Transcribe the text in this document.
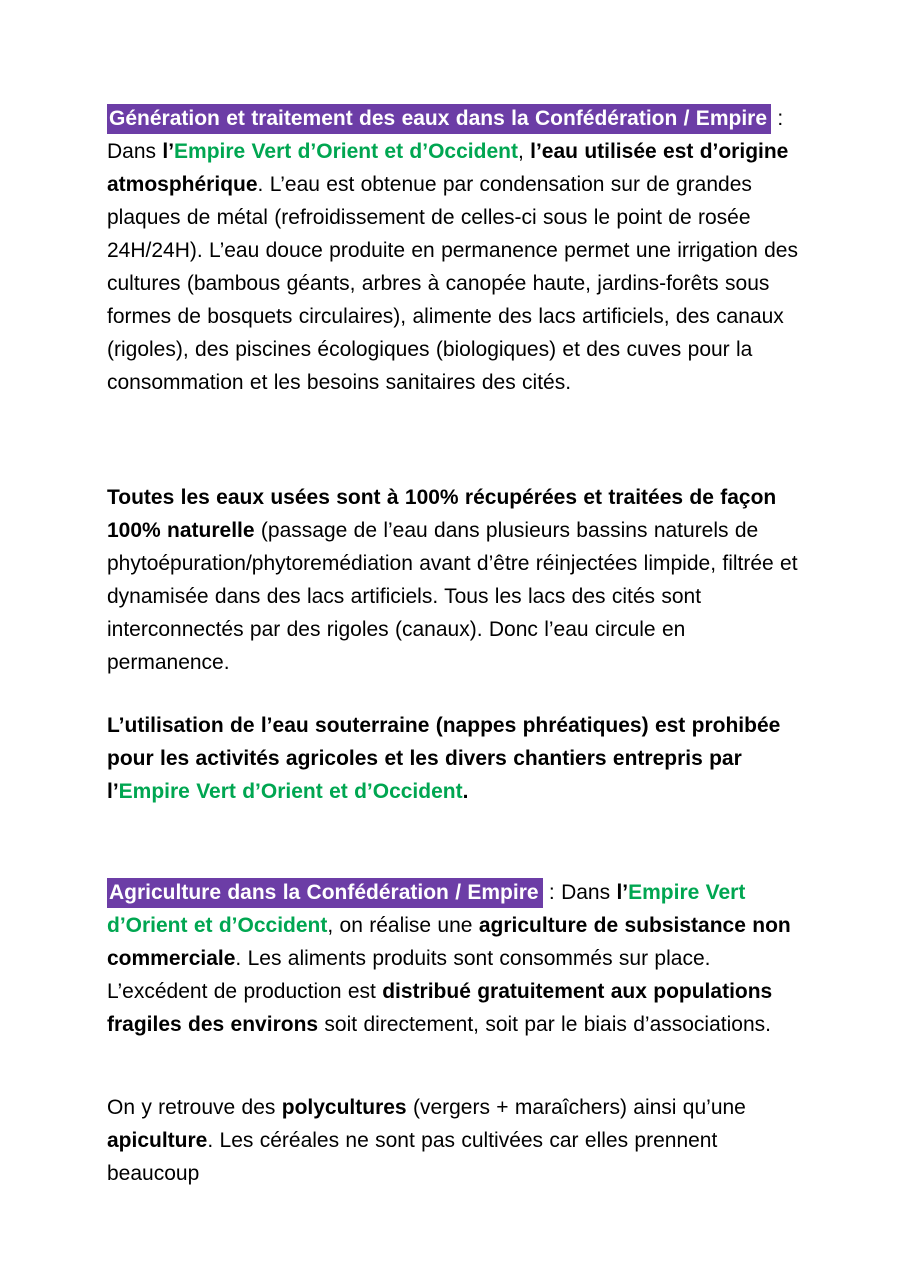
Génération et traitement des eaux dans la Confédération / Empire : Dans l’Empire Vert d’Orient et d’Occident, l’eau utilisée est d’origine atmosphérique. L’eau est obtenue par condensation sur de grandes plaques de métal (refroidissement de celles-ci sous le point de rosée 24H/24H). L’eau douce produite en permanence permet une irrigation des cultures (bambous géants, arbres à canopée haute, jardins-forêts sous formes de bosquets circulaires), alimente des lacs artificiels, des canaux (rigoles), des piscines écologiques (biologiques) et des cuves pour la consommation et les besoins sanitaires des cités.
Toutes les eaux usées sont à 100% récupérées et traitées de façon 100% naturelle (passage de l’eau dans plusieurs bassins naturels de phytoépuration/phytoremédiation avant d’être réinjectées limpide, filtrée et dynamisée dans des lacs artificiels. Tous les lacs des cités sont interconnectés par des rigoles (canaux). Donc l’eau circule en permanence.
L’utilisation de l’eau souterraine (nappes phréatiques) est prohibée pour les activités agricoles et les divers chantiers entrepris par l’Empire Vert d’Orient et d’Occident.
Agriculture dans la Confédération / Empire : Dans l’Empire Vert d’Orient et d’Occident, on réalise une agriculture de subsistance non commerciale. Les aliments produits sont consommés sur place. L’excédent de production est distribué gratuitement aux populations fragiles des environs soit directement, soit par le biais d’associations.
On y retrouve des polycultures (vergers + maraîchers) ainsi qu’une apiculture. Les céréales ne sont pas cultivées car elles prennent beaucoup
